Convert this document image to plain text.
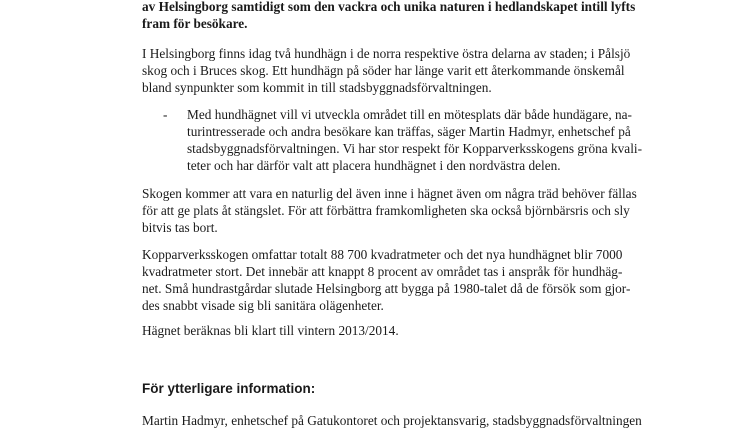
av Helsingborg samtidigt som den vackra och unika naturen i hedlandskapet intill lyfts
fram för besökare.
I Helsingborg finns idag två hundhägn i de norra respektive östra delarna av staden; i Pålsjö
skog och i Bruces skog. Ett hundhägn på söder har länge varit ett återkommande önskemål
bland synpunkter som kommit in till stadsbyggnadsförvaltningen.
- Med hundhägnet vill vi utveckla området till en mötesplats där både hundägare, na-
turintresserade och andra besökare kan träffas, säger Martin Hadmyr, enhetschef på
stadsbyggnadsförvaltningen. Vi har stor respekt för Kopparverksskogens gröna kvali-
teter och har därför valt att placera hundhägnet i den nordvästra delen.
Skogen kommer att vara en naturlig del även inne i hägnet även om några träd behöver fällas
för att ge plats åt stängslet. För att förbättra framkomligheten ska också björnbärsris och sly
bitvis tas bort.
Kopparverksskogen omfattar totalt 88 700 kvadratmeter och det nya hundhägnet blir 7000
kvadratmeter stort. Det innebär att knappt 8 procent av området tas i anspråk för hundhäg-
net. Små hundrastgårdar slutade Helsingborg att bygga på 1980-talet då de försök som gjor-
des snabbt visade sig bli sanitära olägenheter.
Hägnet beräknas bli klart till vintern 2013/2014.
För ytterligare information:
Martin Hadmyr, enhetschef på Gatukontoret och projektansvarig, stadsbyggnadsförvaltningen
